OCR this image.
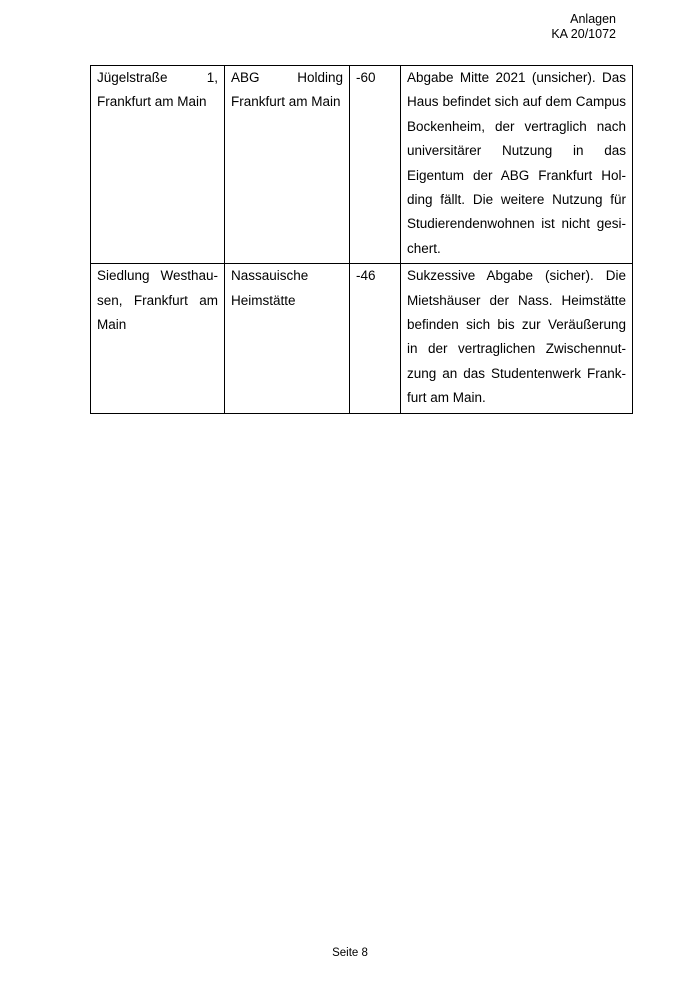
Anlagen
KA 20/1072
Jügelstraße 1, Frankfurt am Main	ABG Holding Frankfurt am Main	-60	Abgabe Mitte 2021 (unsicher). Das Haus befindet sich auf dem Campus Bockenheim, der vertraglich nach universitärer Nutzung in das Eigentum der ABG Frankfurt Holding fällt. Die weitere Nutzung für Studierendenwohnen ist nicht gesichert.
Siedlung Westhausen, Frankfurt am Main	Nassauische Heimstätte	-46	Sukzessive Abgabe (sicher). Die Mietshäuser der Nass. Heimstätte befinden sich bis zur Veräußerung in der vertraglichen Zwischennutzung an das Studentenwerk Frankfurt am Main.
Seite 8
